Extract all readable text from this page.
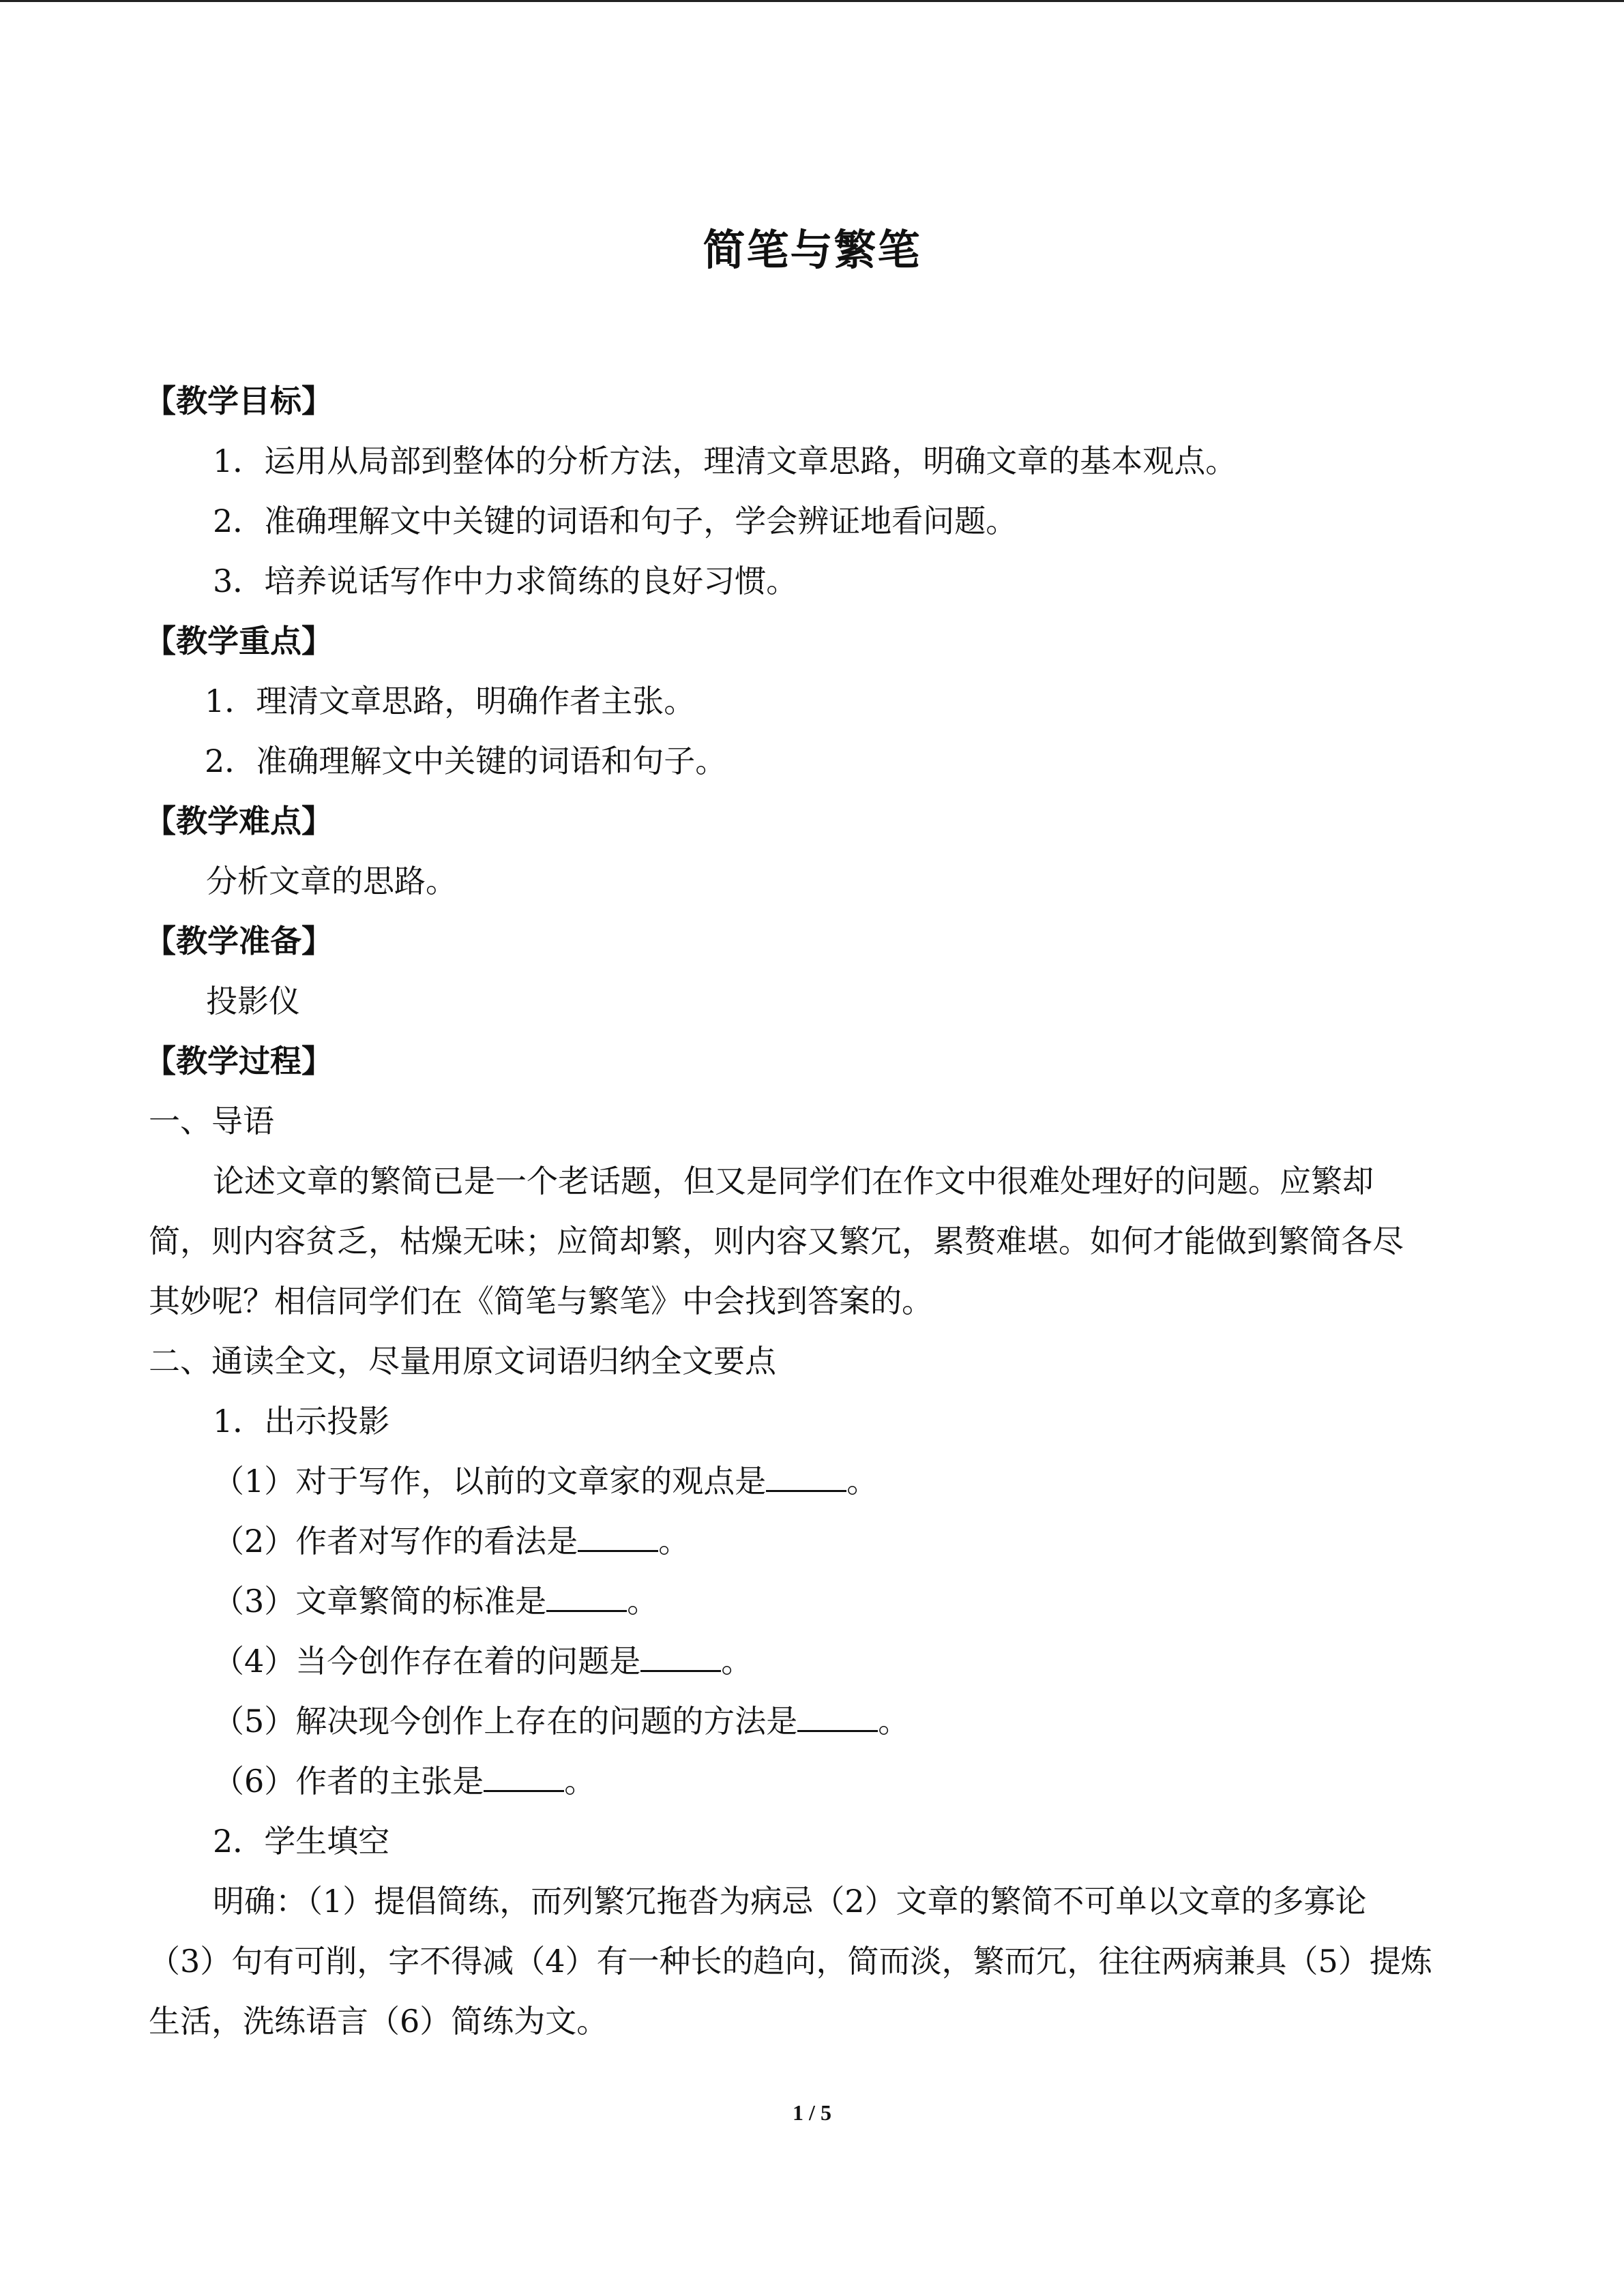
简笔与繁笔
【教学目标】
1．运用从局部到整体的分析方法，理清文章思路，明确文章的基本观点。
2．准确理解文中关键的词语和句子，学会辨证地看问题。
3．培养说话写作中力求简练的良好习惯。
【教学重点】
1．理清文章思路，明确作者主张。
2．准确理解文中关键的词语和句子。
【教学难点】
分析文章的思路。
【教学准备】
投影仪
【教学过程】
一、导语
论述文章的繁简已是一个老话题，但又是同学们在作文中很难处理好的问题。应繁却
简，则内容贫乏，枯燥无味；应简却繁，则内容又繁冗，累赘难堪。如何才能做到繁简各尽
其妙呢？相信同学们在《简笔与繁笔》中会找到答案的。
二、通读全文，尽量用原文词语归纳全文要点
1．出示投影
（1）对于写作，以前的文章家的观点是	。
（2）作者对写作的看法是	。
（3）文章繁简的标准是	。
（4）当今创作存在着的问题是	。
（5）解决现今创作上存在的问题的方法是	。
（6）作者的主张是	。
2．学生填空
明确：（1）提倡简练，而列繁冗拖沓为病忌（2）文章的繁简不可单以文章的多寡论
（3）句有可削，字不得减（4）有一种长的趋向，简而淡，繁而冗，往往两病兼具（5）提炼
生活，洗练语言（6）简练为文。
1 / 5
